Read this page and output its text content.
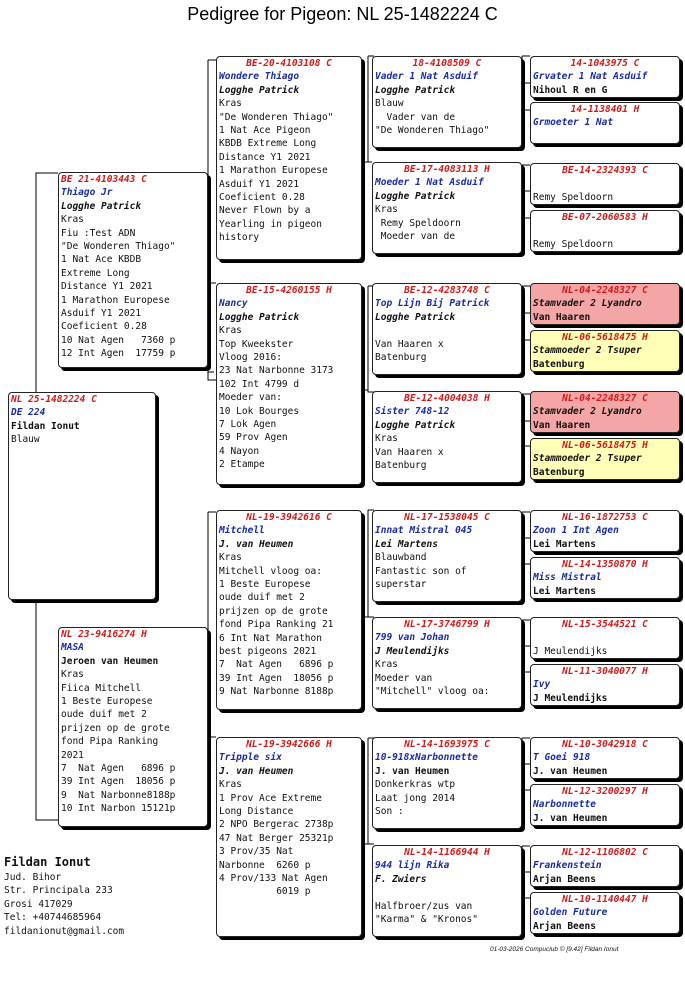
Pedigree for Pigeon: NL 25-1482224 C
NL 25-1482224 C
DE 224
Fildan Ionut
Blauw
BE 21-4103443 C
Thiago Jr
Logghe Patrick
Kras
Fiu :Test ADN
"De Wonderen Thiago"
1 Nat Ace KBDB
Extreme Long
Distance Y1 2021
1 Marathon Europese
Asduif Y1 2021
Coeficient 0.28
10 Nat Agen   7360 p
12 Int Agen  17759 p
NL 23-9416274 H
MASA
Jeroen van Heumen
Kras
Fiica Mitchell
1 Beste Europese
oude duif met 2
prijzen op de grote
fond Pipa Ranking
2021
7  Nat Agen   6896 p
39 Int Agen  18056 p
9  Nat Narbonne8188p
10 Int Narbon 15121p
BE-20-4103108 C
Wondere Thiago
Logghe Patrick
Kras
"De Wonderen Thiago"
1 Nat Ace Pigeon
KBDB Extreme Long
Distance Y1 2021
1 Marathon Europese
Asduif Y1 2021
Coeficient 0.28
Never Flown by a
Yearling in pigeon
history
BE-15-4260155 H
Nancy
Logghe Patrick
Kras
Top Kweekster
Vloog 2016:
23 Nat Narbonne 3173
102 Int 4799 d
Moeder van:
10 Lok Bourges
7 Lok Agen
59 Prov Agen
4 Nayon
2 Etampe
NL-19-3942616 C
Mitchell
J. van Heumen
Kras
Mitchell vloog oa:
1 Beste Europese
oude duif met 2
prijzen op de grote
fond Pipa Ranking 21
6 Int Nat Marathon
best pigeons 2021
7  Nat Agen   6896 p
39 Int Agen  18056 p
9 Nat Narbonne 8188p
NL-19-3942666 H
Tripple six
J. van Heumen
Kras
1 Prov Ace Extreme
Long Distance
2 NPO Bergerac 2738p
47 Nat Berger 25321p
3 Prov/35 Nat
Narbonne  6260 p
4 Prov/133 Nat Agen
6019 p
18-4108509 C
Vader 1 Nat Asduif
Logghe Patrick
Blauw
Vader van de
"De Wonderen Thiago"
BE-17-4083113 H
Moeder 1 Nat Asduif
Logghe Patrick
Kras
Remy Speldoorn
Moeder van de
BE-12-4283748 C
Top Lijn Bij Patrick
Logghe Patrick

Van Haaren x
Batenburg
BE-12-4004038 H
Sister 748-12
Logghe Patrick
Kras
Van Haaren x
Batenburg
NL-17-1538045 C
Innat Mistral 045
Lei Martens
Blauwband
Fantastic son of
superstar
NL-17-3746799 H
799 van Johan
J Meulendijks
Kras
Moeder van
"Mitchell" vloog oa:
NL-14-1693975 C
10-918xNarbonnette
J. van Heumen
Donkerkras wtp
Laat jong 2014
Son :
NL-14-1166944 H
944 lijn Rika
F. Zwiers

Halfbroer/zus van
"Karma" & "Kronos"
14-1043975 C
Grvater 1 Nat Asduif
Nihoul R en G
14-1138401 H
Grmoeter 1 Nat
BE-14-2324393 C

Remy Speldoorn
BE-07-2060583 H

Remy Speldoorn
NL-04-2248327 C
Stamvader 2 Lyandro
Van Haaren
NL-06-5618475 H
Stammoeder 2 Tsuper
Batenburg
NL-04-2248327 C
Stamvader 2 Lyandro
Van Haaren
NL-06-5618475 H
Stammoeder 2 Tsuper
Batenburg
NL-16-1872753 C
Zoon 1 Int Agen
Lei Martens
NL-14-1350870 H
Miss Mistral
Lei Martens
NL-15-3544521 C

J Meulendijks
NL-11-3040077 H
Ivy
J Meulendijks
NL-10-3042918 C
T Goei 918
J. van Heumen
NL-12-3200297 H
Narbonnette
J. van Heumen
NL-12-1106802 C
Frankenstein
Arjan Beens
NL-10-1140447 H
Golden Future
Arjan Beens
Fildan Ionut
Jud. Bihor
Str. Principala 233
Grosi 417029
Tel: +40744685964
fildanionut@gmail.com
01-03-2026 Compuclub © [9.42] Fildan Ionut
